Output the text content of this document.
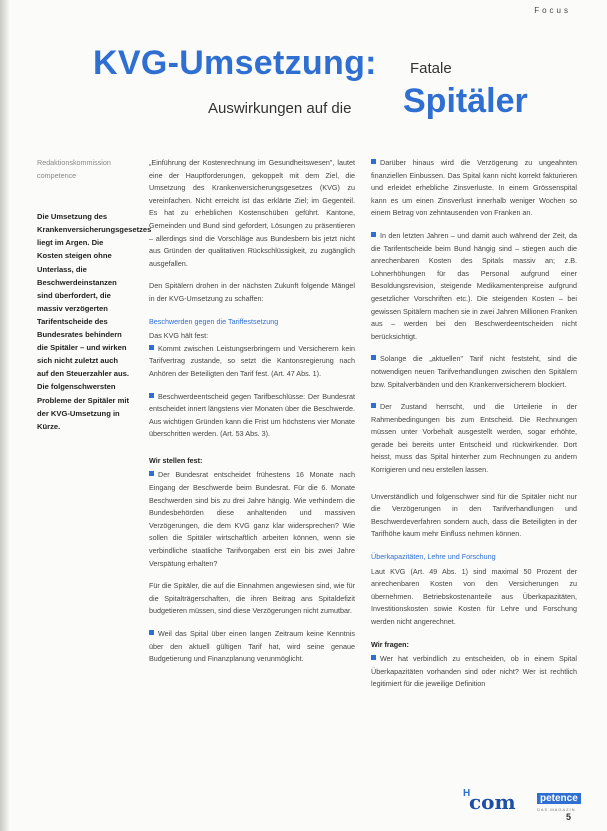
Focus
KVG-Umsetzung: Fatale
Auswirkungen auf die Spitäler

Redaktionskommission competence

Die Umsetzung des Krankenversicherungsgesetzes liegt im Argen. Die Kosten steigen ohne Unterlass, die Beschwerdeinstanzen sind überfordert, die massiv verzögerten Tarifentscheide des Bundesrates behindern die Spitäler – und wirken sich nicht zuletzt auch auf den Steuerzahler aus. Die folgenschwersten Probleme der Spitäler mit der KVG-Umsetzung in Kürze.

„Einführung der Kostenrechnung im Gesundheitswesen", lautet eine der Hauptforderungen, gekoppelt mit dem Ziel, die Umsetzung des Krankenversicherungsgesetzes (KVG) zu vereinfachen. Nicht erreicht ist das erklärte Ziel; im Gegenteil. Es hat zu erheblichen Kostenschüben geführt. Kantone, Gemeinden und Bund sind gefordert, Lösungen zu präsentieren – allerdings sind die Vorschläge aus Bundesbern bis jetzt nicht aus Gründen der qualitativen Rückschlüssigkeit, zu zugänglich ausgefallen.

Den Spitälern drohen in der nächsten Zukunft folgende Mängel in der KVG-Umsetzung zu schaffen:

Beschwerden gegen die Tariffestsetzung
Das KVG hält fest:

Kommt zwischen Leistungserbringern und Versicherern kein Tarifvertrag zustande, so setzt die Kantonsregierung nach Anhören der Beteiligten den Tarif fest. (Art. 47 Abs. 1).

Beschwerdeentscheid gegen Tarifbeschlüsse: Der Bundesrat entscheidet innert längstens vier Monaten über die Beschwerde. Aus wichtigen Gründen kann die Frist um höchstens vier Monate überschritten werden. (Art. 53 Abs. 3).

Wir stellen fest:

Der Bundesrat entscheidet frühestens 16 Monate nach Eingang der Beschwerde beim Bundesrat. Für die 6. Monate Beschwerden sind bis zu drei Jahre hängig. Wie verhindern die Bundesbehörden diese anhaltenden und massiven Verzögerungen, die dem KVG ganz klar widersprechen? Wie sollen die Spitäler wirtschaftlich arbeiten können, wenn sie verbindliche staatliche Tarifvorgaben erst ein bis zwei Jahre Verspätung erhalten?

Für die Spitäler, die auf die Einnahmen angewiesen sind, wie für die Spitalträgerschaften, die ihren Beitrag ans Spitaldefizit budgetieren müssen, sind diese Verzögerungen nicht zumutbar.

Weil das Spital über einen langen Zeitraum keine Kenntnis über den aktuell gültigen Tarif hat, wird seine genaue Budgetierung und Finanzplanung verunmöglicht.

Darüber hinaus wird die Verzögerung zu ungeahnten finanziellen Einbussen. Das Spital kann nicht korrekt fakturieren und erleidet erhebliche Zinsverluste. In einem Grössenspital kann es um einen Zinsverlust innerhalb weniger Wochen so einem Betrag von zehntausenden von Franken an.

In den letzten Jahren – und damit auch während der Zeit, da die Tarifentscheide beim Bund hängig sind – stiegen auch die anrechenbaren Kosten des Spitals massiv an; z.B. Lohnerhöhungen für das Personal aufgrund einer Besoldungsrevision, steigende Medikamentenpreise aufgrund gesetzlicher Vorschriften etc.). Die steigenden Kosten – bei gewissen Spitälern machen sie in zwei Jahren Millionen Franken aus – werden bei den Beschwerdeentscheiden nicht berücksichtigt.

Solange die „aktuellen" Tarif nicht feststeht, sind die notwendigen neuen Tarifverhandlungen zwischen den Spitälern bzw. Spitalverbänden und den Krankenversicherern blockiert.

Der Zustand herrscht, und die Urteilerie in der Rahmenbedingungen bis zum Entscheid. Die Rechnungen müssen unter Vorbehalt ausgestellt werden, sogar erhöhte, gerade bei bereits unter Entscheid und rückwirkender. Dort heisst, muss das Spital hinterher zum Rechnungen zu andern Korrigieren und neu erstellen lassen.

Unverständlich und folgenschwer sind für die Spitäler nicht nur die Verzögerungen in den Tarifverhandlungen und Beschwerdeverfahren sondern auch, dass die Beteiligten in der Tarifhöhe kaum mehr Einfluss nehmen können.

Überkapazitäten, Lehre und Forschung

Laut KVG (Art. 49 Abs. 1) sind maximal 50 Prozent der anrechenbaren Kosten von den Versicherungen zu übernehmen. Betriebskostenanteile aus Überkapazitäten, Investitionskosten sowie Kosten für Lehre und Forschung werden nicht angerechnet.

Wir fragen:

Wer hat verbindlich zu entscheiden, ob in einem Spital Überkapazitäten vorhanden sind oder nicht? Wer ist rechtlich legitimiert für die jeweilige Definition

H
com	petence
DAS MAGAZIN
5
